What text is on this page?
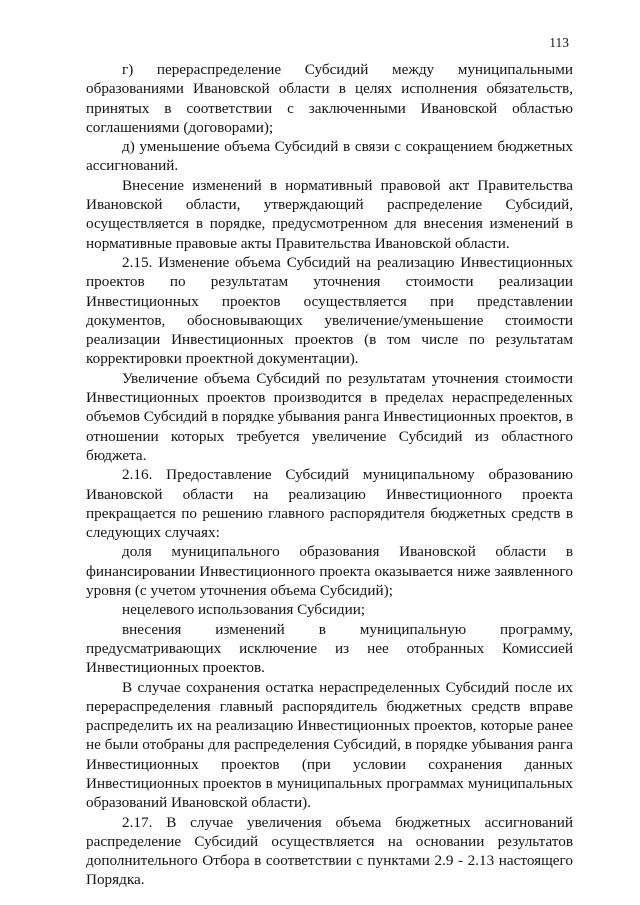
113

г) перераспределение Субсидий между муниципальными образованиями Ивановской области в целях исполнения обязательств, принятых в соответствии с заключенными Ивановской областью соглашениями (договорами);

д) уменьшение объема Субсидий в связи с сокращением бюджетных ассигнований.

Внесение изменений в нормативный правовой акт Правительства Ивановской области, утверждающий распределение Субсидий, осуществляется в порядке, предусмотренном для внесения изменений в нормативные правовые акты Правительства Ивановской области.

2.15. Изменение объема Субсидий на реализацию Инвестиционных проектов по результатам уточнения стоимости реализации Инвестиционных проектов осуществляется при представлении документов, обосновывающих увеличение/уменьшение стоимости реализации Инвестиционных проектов (в том числе по результатам корректировки проектной документации).

Увеличение объема Субсидий по результатам уточнения стоимости Инвестиционных проектов производится в пределах нераспределенных объемов Субсидий в порядке убывания ранга Инвестиционных проектов, в отношении которых требуется увеличение Субсидий из областного бюджета.

2.16. Предоставление Субсидий муниципальному образованию Ивановской области на реализацию Инвестиционного проекта прекращается по решению главного распорядителя бюджетных средств в следующих случаях:

доля муниципального образования Ивановской области в финансировании Инвестиционного проекта оказывается ниже заявленного уровня (с учетом уточнения объема Субсидий);

нецелевого использования Субсидии;

внесения изменений в муниципальную программу, предусматривающих исключение из нее отобранных Комиссией Инвестиционных проектов.

В случае сохранения остатка нераспределенных Субсидий после их перераспределения главный распорядитель бюджетных средств вправе распределить их на реализацию Инвестиционных проектов, которые ранее не были отобраны для распределения Субсидий, в порядке убывания ранга Инвестиционных проектов (при условии сохранения данных Инвестиционных проектов в муниципальных программах муниципальных образований Ивановской области).

2.17. В случае увеличения объема бюджетных ассигнований распределение Субсидий осуществляется на основании результатов дополнительного Отбора в соответствии с пунктами 2.9 - 2.13 настоящего Порядка.
